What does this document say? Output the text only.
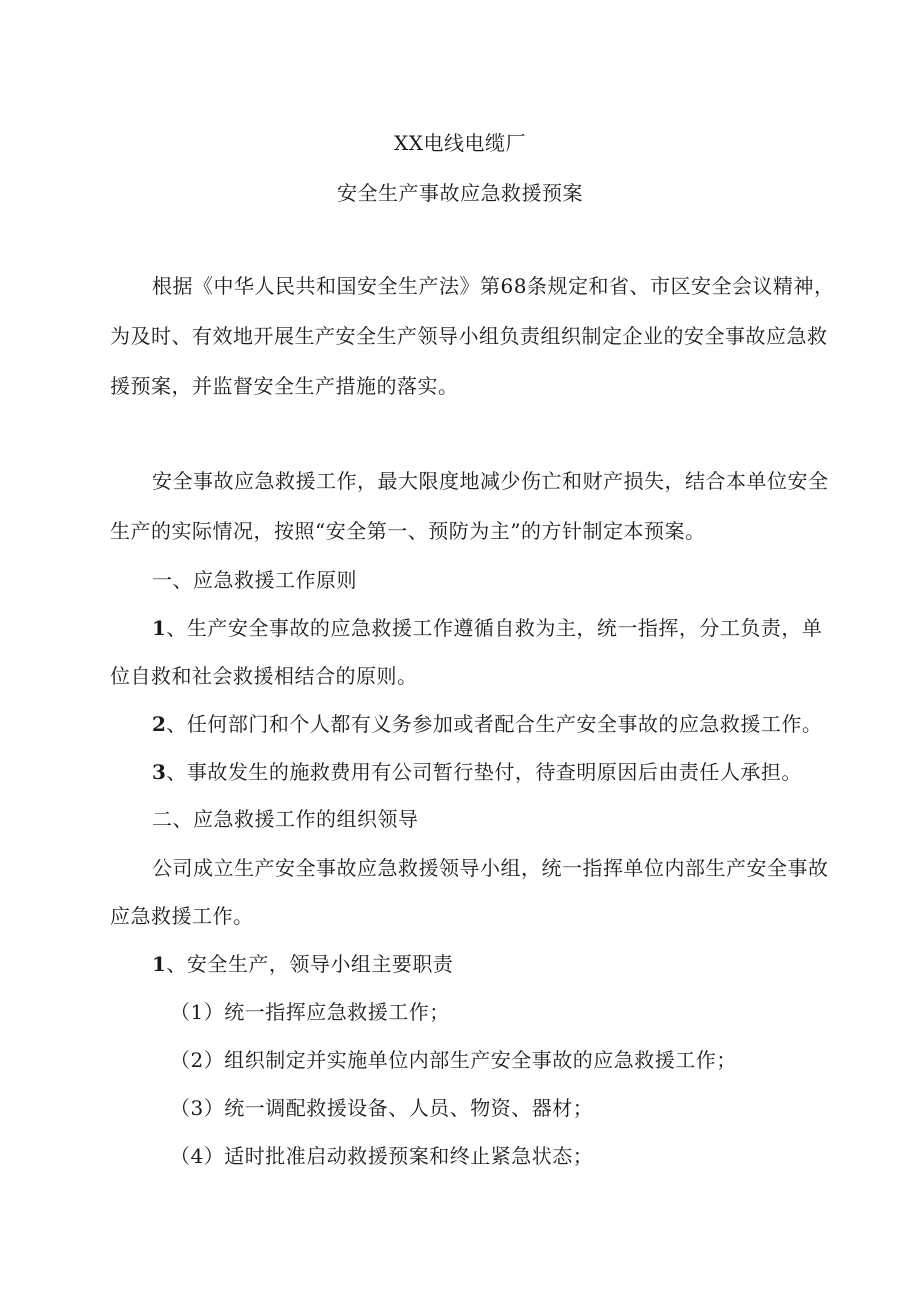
XX电线电缆厂

安全生产事故应急救援预案

根据《中华人民共和国安全生产法》第68条规定和省、市区安全会议精神，

为及时、有效地开展生产安全生产领导小组负责组织制定企业的安全事故应急救

援预案，并监督安全生产措施的落实。

安全事故应急救援工作，最大限度地减少伤亡和财产损失，结合本单位安全

生产的实际情况，按照“安全第一、预防为主”的方针制定本预案。

一、应急救援工作原则

1、生产安全事故的应急救援工作遵循自救为主，统一指挥，分工负责，单

位自救和社会救援相结合的原则。

2、任何部门和个人都有义务参加或者配合生产安全事故的应急救援工作。

3、事故发生的施救费用有公司暂行垫付，待查明原因后由责任人承担。

二、应急救援工作的组织领导

公司成立生产安全事故应急救援领导小组，统一指挥单位内部生产安全事故

应急救援工作。

1、安全生产，领导小组主要职责

（1）统一指挥应急救援工作；

（2）组织制定并实施单位内部生产安全事故的应急救援工作；

（3）统一调配救援设备、人员、物资、器材；

（4）适时批准启动救援预案和终止紧急状态；
